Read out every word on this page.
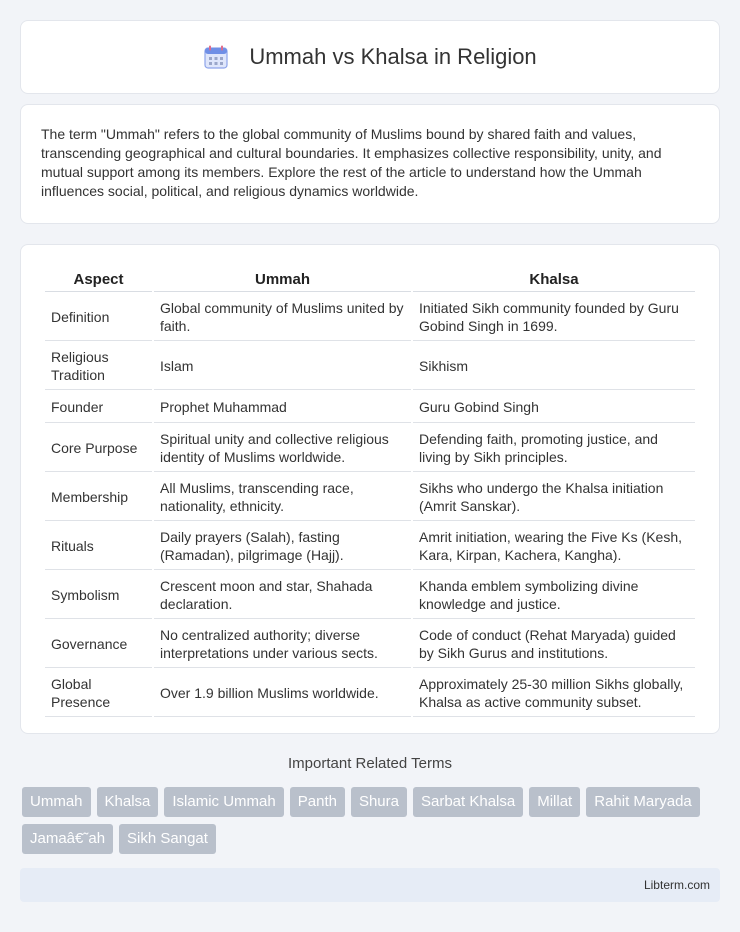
Ummah vs Khalsa in Religion

The term "Ummah" refers to the global community of Muslims bound by shared faith and values, transcending geographical and cultural boundaries. It emphasizes collective responsibility, unity, and mutual support among its members. Explore the rest of the article to understand how the Ummah influences social, political, and religious dynamics worldwide.

Aspect	Ummah	Khalsa
Definition	Global community of Muslims united by faith.	Initiated Sikh community founded by Guru Gobind Singh in 1699.
Religious Tradition	Islam	Sikhism
Founder	Prophet Muhammad	Guru Gobind Singh
Core Purpose	Spiritual unity and collective religious identity of Muslims worldwide.	Defending faith, promoting justice, and living by Sikh principles.
Membership	All Muslims, transcending race, nationality, ethnicity.	Sikhs who undergo the Khalsa initiation (Amrit Sanskar).
Rituals	Daily prayers (Salah), fasting (Ramadan), pilgrimage (Hajj).	Amrit initiation, wearing the Five Ks (Kesh, Kara, Kirpan, Kachera, Kangha).
Symbolism	Crescent moon and star, Shahada declaration.	Khanda emblem symbolizing divine knowledge and justice.
Governance	No centralized authority; diverse interpretations under various sects.	Code of conduct (Rehat Maryada) guided by Sikh Gurus and institutions.
Global Presence	Over 1.9 billion Muslims worldwide.	Approximately 25-30 million Sikhs globally, Khalsa as active community subset.
Important Related Terms
Ummah	Khalsa	Islamic Ummah	Panth	Shura	Sarbat Khalsa	Millat	Rahit Maryada
Jamaâ€˜ah	Sikh Sangat
Libterm.com
